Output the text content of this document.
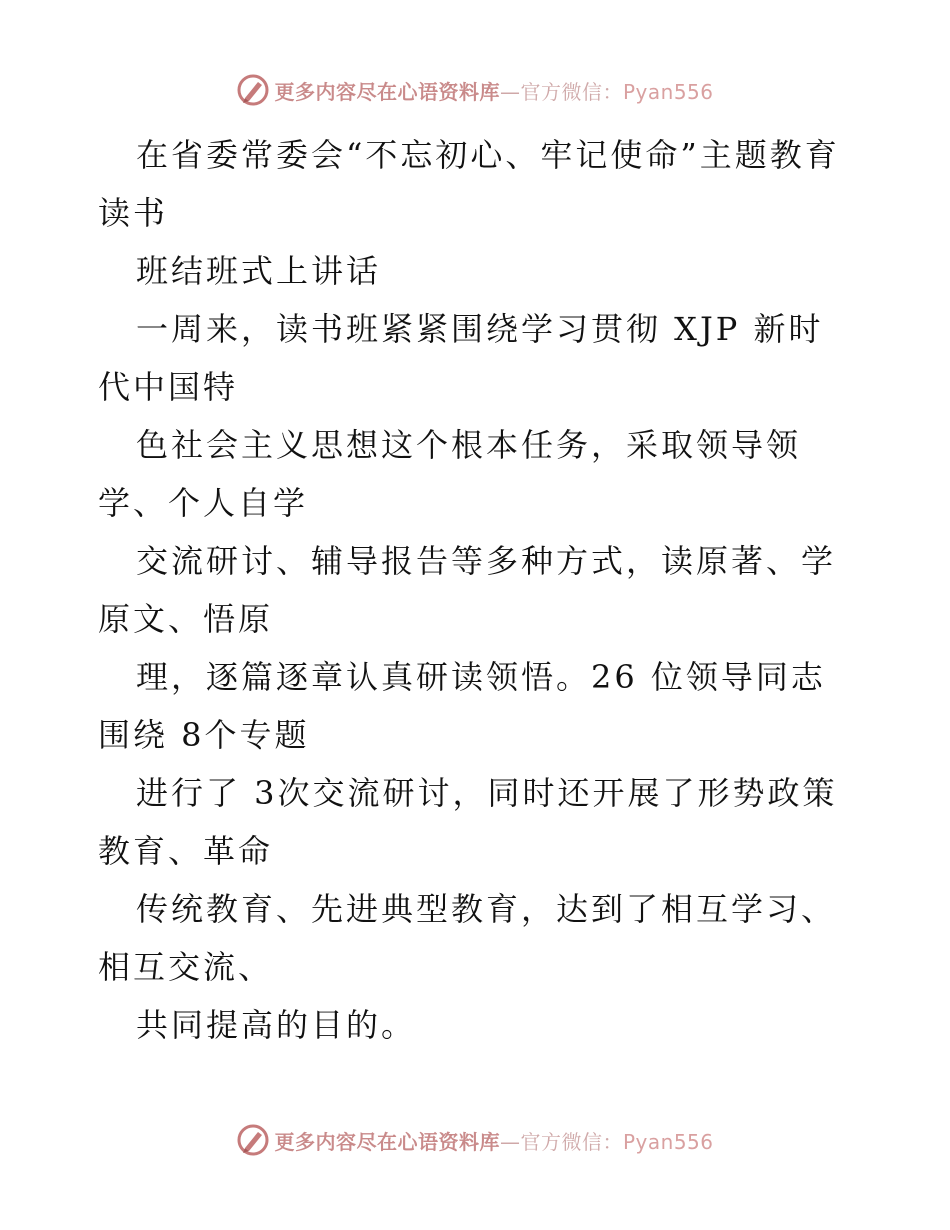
更多内容尽在心语资料库—官方微信：Pyan556

在省委常委会“不忘初心、牢记使命”主题教育读书

班结班式上讲话

一周来，读书班紧紧围绕学习贯彻 XJP 新时代中国特

色社会主义思想这个根本任务，采取领导领学、个人自学

交流研讨、辅导报告等多种方式，读原著、学原文、悟原

理，逐篇逐章认真研读领悟。26 位领导同志围绕 8个专题

进行了 3次交流研讨，同时还开展了形势政策教育、革命

传统教育、先进典型教育，达到了相互学习、相互交流、

共同提高的目的。

更多内容尽在心语资料库—官方微信：Pyan556
